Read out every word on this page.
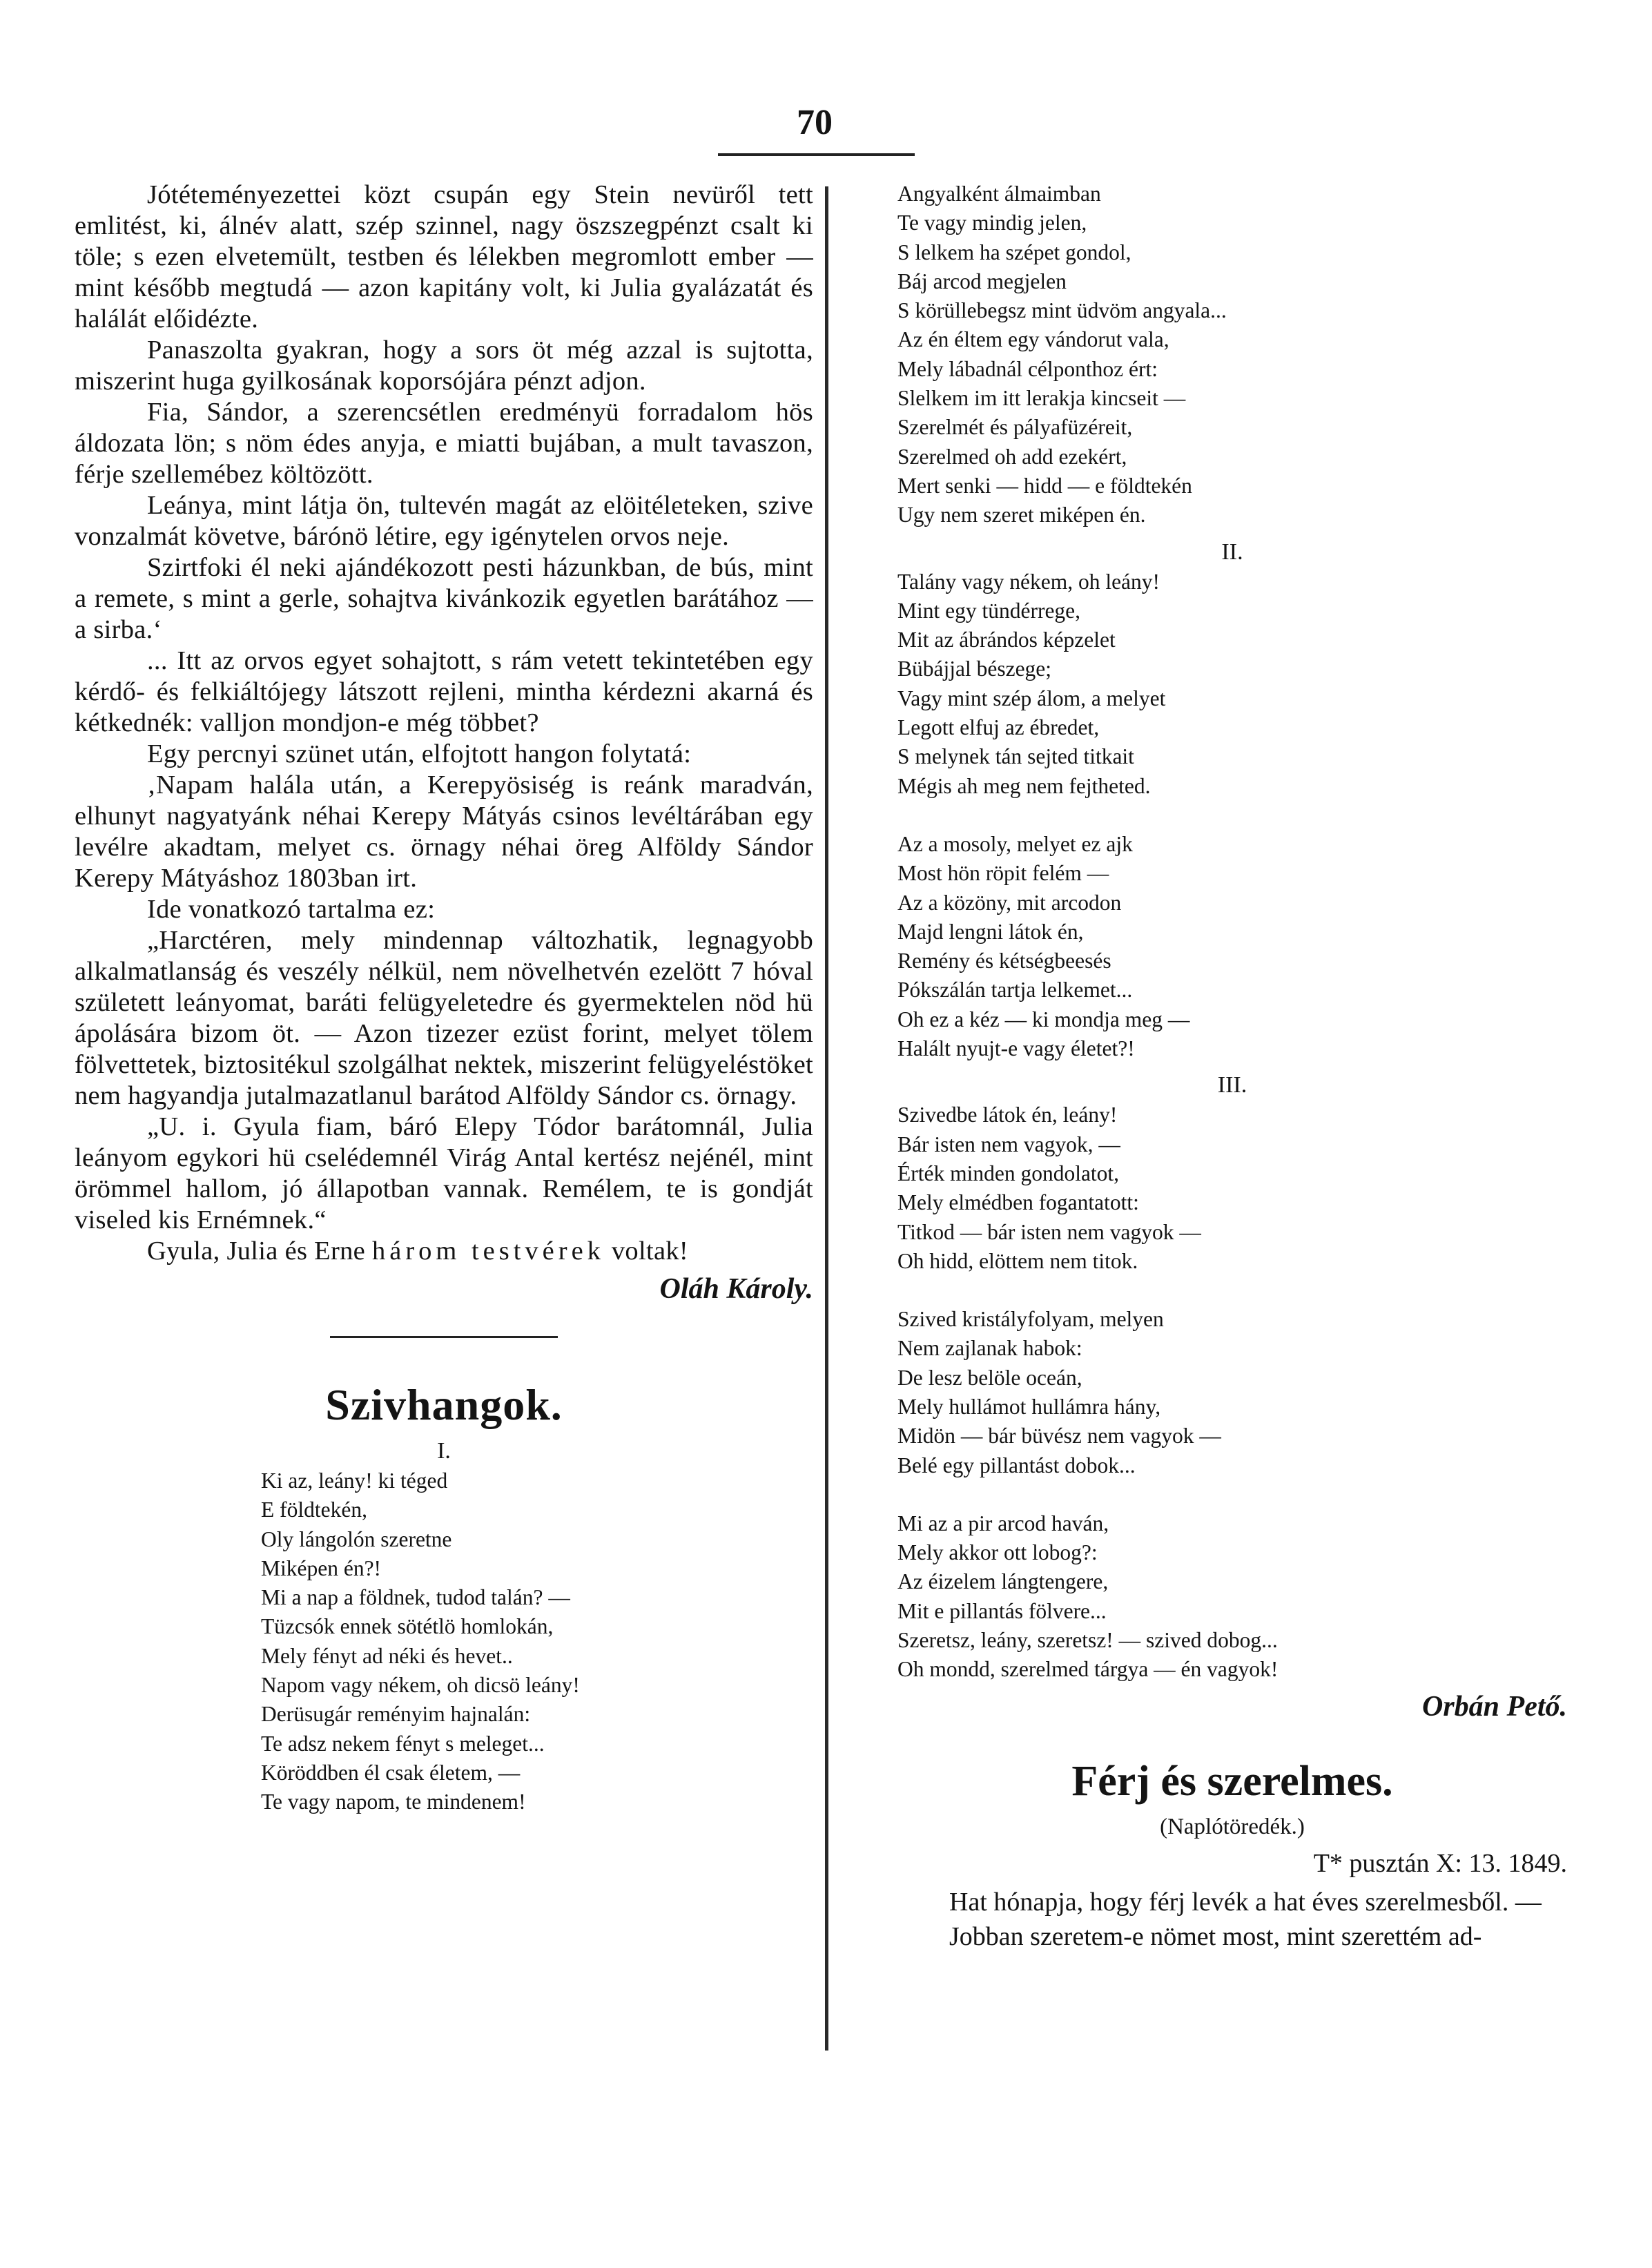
70

Jótéteményezettei közt csupán egy Stein nevüről tett emlitést, ki, álnév alatt, szép szinnel, nagy öszszegpénzt csalt ki töle; s ezen elvetemült, testben és lélekben megromlott ember — mint később megtudá — azon kapitány volt, ki Julia gyalázatát és halálát előidézte.

Panaszolta gyakran, hogy a sors öt még azzal is sujtotta, miszerint huga gyilkosának koporsójára pénzt adjon.

Fia, Sándor, a szerencsétlen eredményü forradalom hös áldozata lön; s nöm édes anyja, e miatti bujában, a mult tavaszon, férje szellemébez költözött.

Leánya, mint látja ön, tultevén magát az elöitéleteken, szive vonzalmát követve, bárónö létire, egy igénytelen orvos neje.

Szirtfoki él neki ajándékozott pesti házunkban, de bús, mint a remete, s mint a gerle, sohajtva kivánkozik egyetlen barátához — a sirba.‘

... Itt az orvos egyet sohajtott, s rám vetett tekintetében egy kérdő- és felkiáltójegy látszott rejleni, mintha kérdezni akarná és kétkednék: valljon mondjon-e még többet?

Egy percnyi szünet után, elfojtott hangon folytatá:

‚Napam halála után, a Kerepyösiség is reánk maradván, elhunyt nagyatyánk néhai Kerepy Mátyás csinos levéltárában egy levélre akadtam, melyet cs. örnagy néhai öreg Alföldy Sándor Kerepy Mátyáshoz 1803ban irt.

Ide vonatkozó tartalma ez:

„Harctéren, mely mindennap változhatik, legnagyobb alkalmatlanság és veszély nélkül, nem növelhetvén ezelött 7 hóval született leányomat, baráti felügyeletedre és gyermektelen nöd hü ápolására bizom öt. — Azon tizezer ezüst forint, melyet tölem fölvettetek, biztositékul szolgálhat nektek, miszerint felügyeléstöket nem hagyandja jutalmazatlanul barátod Alföldy Sándor cs. örnagy.

„U. i. Gyula fiam, báró Elepy Tódor barátomnál, Julia leányom egykori hü cselédemnél Virág Antal kertész nejénél, mint örömmel hallom, jó állapotban vannak. Remélem, te is gondját viseled kis Ernémnek.“

Gyula, Julia és Erne három testvérek voltak!

Oláh Károly.
Szivhangok.
I.
Ki az, leány! ki téged
E földtekén,
Oly lángolón szeretne
Miképen én?!
Mi a nap a földnek, tudod talán? —
Tüzcsók ennek sötétlö homlokán,
Mely fényt ad néki és hevet..
Napom vagy nékem, oh dicsö leány!
Derüsugár reményim hajnalán:
Te adsz nekem fényt s meleget...
Köröddben él csak életem, —
Te vagy napom, te mindenem!
Angyalként álmaimban
Te vagy mindig jelen,
S lelkem ha szépet gondol,
Báj arcod megjelen
S körüllebegsz mint üdvöm angyala...
Az én éltem egy vándorut vala,
Mely lábadnál célponthoz ért:
Slelkem im itt lerakja kincseit —
Szerelmét és pályafüzéreit,
Szerelmed oh add ezekért,
Mert senki — hidd — e földtekén
Ugy nem szeret miképen én.
II.
Talány vagy nékem, oh leány!
Mint egy tündérrege,
Mit az ábrándos képzelet
Bübájjal bészege;
Vagy mint szép álom, a melyet
Legott elfuj az ébredet,
S melynek tán sejted titkait
Mégis ah meg nem fejtheted.
Az a mosoly, melyet ez ajk
Most hön röpit felém —
Az a közöny, mit arcodon
Majd lengni látok én,
Remény és kétségbeesés
Pókszálán tartja lelkemet...
Oh ez a kéz — ki mondja meg —
Halált nyujt-e vagy életet?!
III.
Szivedbe látok én, leány!
Bár isten nem vagyok, —
Érték minden gondolatot,
Mely elmédben fogantatott:
Titkod — bár isten nem vagyok —
Oh hidd, elöttem nem titok.
Szived kristályfolyam, melyen
Nem zajlanak habok:
De lesz belöle oceán,
Mely hullámot hullámra hány,
Midön — bár büvész nem vagyok —
Belé egy pillantást dobok...
Mi az a pir arcod haván,
Mely akkor ott lobog?:
Az éizelem lángtengere,
Mit e pillantás fölvere...
Szeretsz, leány, szeretsz! — szived dobog...
Oh mondd, szerelmed tárgya — én vagyok!
Orbán Pető.
Férj és szerelmes.
(Naplótöredék.)
T* pusztán X: 13. 1849.

Hat hónapja, hogy férj levék a hat éves szerelmesből. —

Jobban szeretem-e nömet most, mint szerettém ad-
